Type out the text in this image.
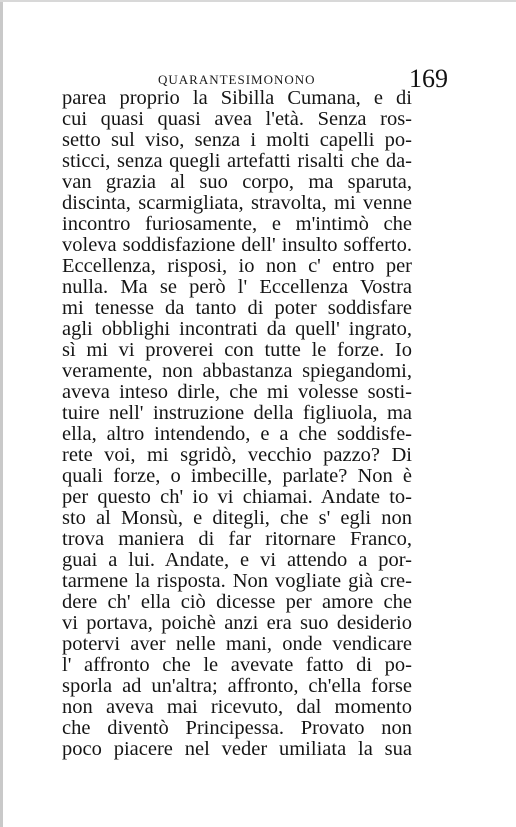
QUARANTESIMONONO	169
parea proprio la Sibilla Cumana, e di
cui quasi quasi avea l'età. Senza ros-
setto sul viso, senza i molti capelli po-
sticci, senza quegli artefatti risalti che da-
van grazia al suo corpo, ma sparuta,
discinta, scarmigliata, stravolta, mi venne
incontro furiosamente, e m'intimò che
voleva soddisfazione dell' insulto sofferto.
Eccellenza, risposi, io non c' entro per
nulla. Ma se però l' Eccellenza Vostra
mi tenesse da tanto di poter soddisfare
agli obblighi incontrati da quell' ingrato,
sì mi vi proverei con tutte le forze. Io
veramente, non abbastanza spiegandomi,
aveva inteso dirle, che mi volesse sosti-
tuire nell' instruzione della figliuola, ma
ella, altro intendendo, e a che soddisfe-
rete voi, mi sgridò, vecchio pazzo? Di
quali forze, o imbecille, parlate? Non è
per questo ch' io vi chiamai. Andate to-
sto al Monsù, e ditegli, che s' egli non
trova maniera di far ritornare Franco,
guai a lui. Andate, e vi attendo a por-
tarmene la risposta. Non vogliate già cre-
dere ch' ella ciò dicesse per amore che
vi portava, poichè anzi era suo desiderio
potervi aver nelle mani, onde vendicare
l' affronto che le avevate fatto di po-
sporla ad un'altra; affronto, ch'ella forse
non aveva mai ricevuto, dal momento
che diventò Principessa. Provato non
poco piacere nel veder umiliata la sua
